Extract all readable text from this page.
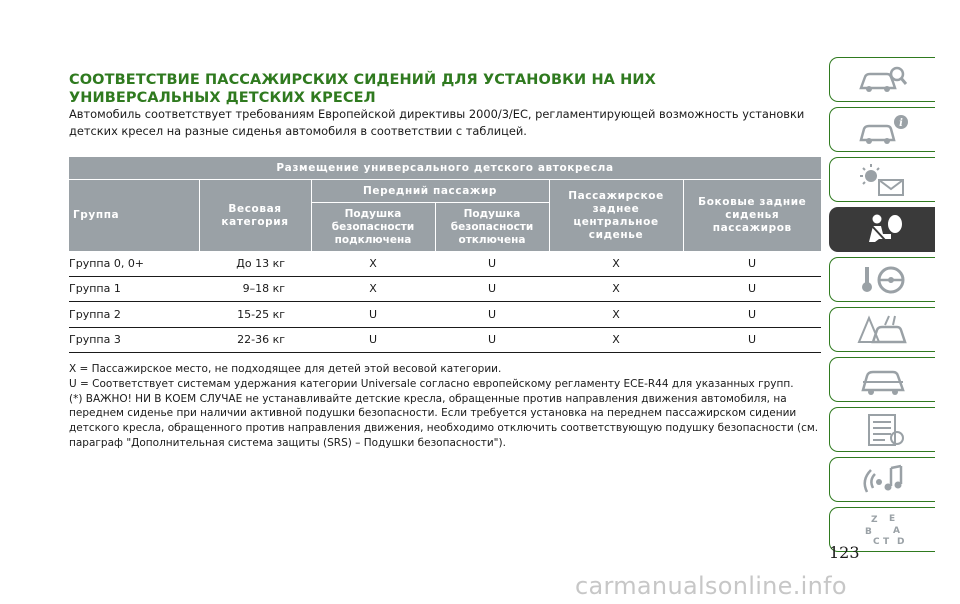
СООТВЕТСТВИЕ ПАССАЖИРСКИХ СИДЕНИЙ ДЛЯ УСТАНОВКИ НА НИХ УНИВЕРСАЛЬНЫХ ДЕТСКИХ КРЕСЕЛ

Автомобиль соответствует требованиям Европейской директивы 2000/3/ЕС, регламентирующей возможность установки детских кресел на разные сиденья автомобиля в соответствии с таблицей.

Размещение универсального детского автокресла					
Группа	Весовая категория	Передний пассажир		Пассажирское заднее центральное сиденье	Боковые задние сиденья пассажиров
		Подушка безопасности подключена	Подушка безопасности отключена		
Группа 0, 0+	До 13 кг	X	U	X	U
Группа 1	9–18 кг	X	U	X	U
Группа 2	15-25 кг	U	U	X	U
Группа 3	22-36 кг	U	U	X	U

X = Пассажирское место, не подходящее для детей этой весовой категории.

U = Соответствует системам удержания категории Universale согласно европейскому регламенту ECE-R44 для указанных групп.

(*) ВАЖНО! НИ В КОЕМ СЛУЧАЕ не устанавливайте детские кресла, обращенные против направления движения автомобиля, на переднем сиденье при наличии активной подушки безопасности. Если требуется установка на переднем пассажирском сидении детского кресла, обращенного против направления движения, необходимо отключить соответствующую подушку безопасности (см. параграф "Дополнительная система защиты (SRS) – Подушки безопасности").

i
Z E
B A
C D
T
123
carmanualsonline.info
